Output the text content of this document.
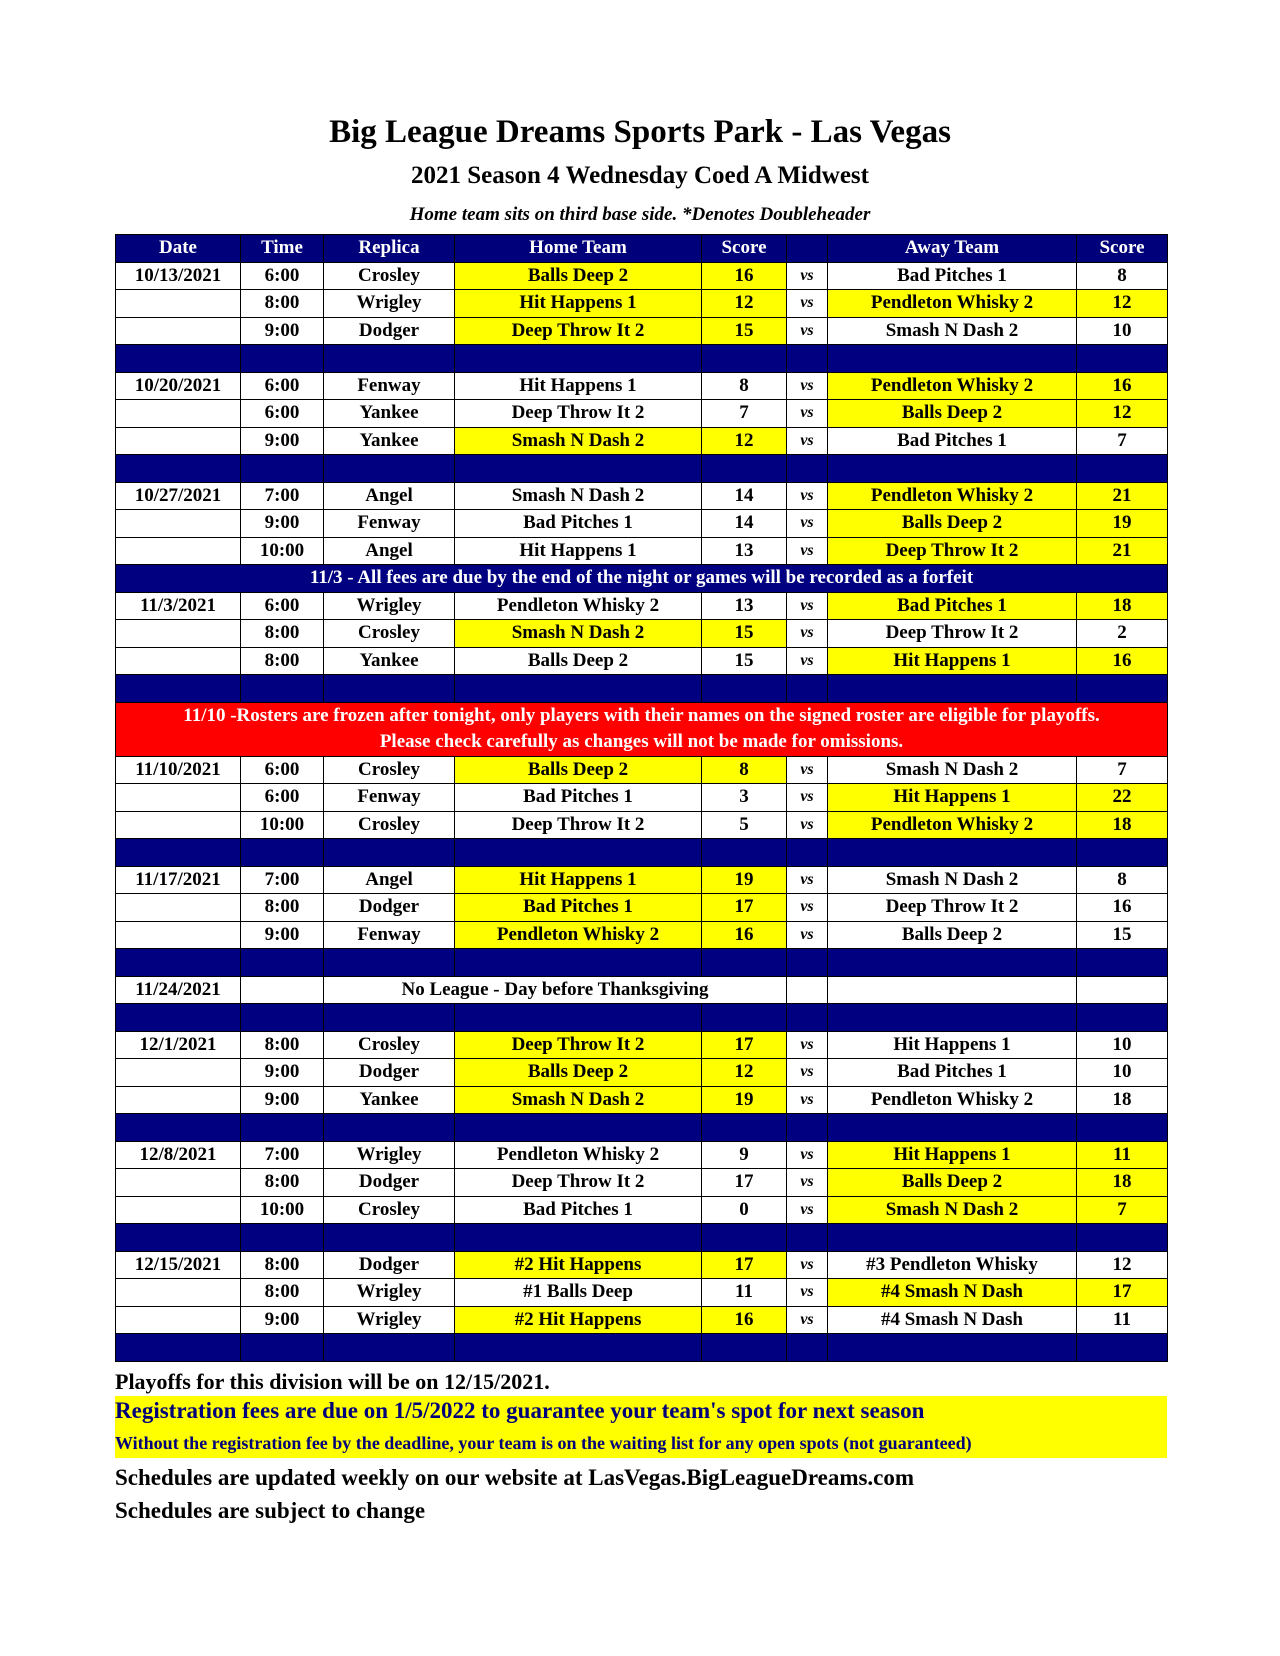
Big League Dreams Sports Park - Las Vegas
2021 Season 4 Wednesday Coed A Midwest
Home team sits on third base side. *Denotes Doubleheader
Date	Time	Replica	Home Team	Score		Away Team	Score
10/13/2021	6:00	Crosley	Balls Deep 2	16	vs	Bad Pitches 1	8
	8:00	Wrigley	Hit Happens 1	12	vs	Pendleton Whisky 2	12
	9:00	Dodger	Deep Throw It 2	15	vs	Smash N Dash 2	10

10/20/2021	6:00	Fenway	Hit Happens 1	8	vs	Pendleton Whisky 2	16
	6:00	Yankee	Deep Throw It 2	7	vs	Balls Deep 2	12
	9:00	Yankee	Smash N Dash 2	12	vs	Bad Pitches 1	7

10/27/2021	7:00	Angel	Smash N Dash 2	14	vs	Pendleton Whisky 2	21
	9:00	Fenway	Bad Pitches 1	14	vs	Balls Deep 2	19
	10:00	Angel	Hit Happens 1	13	vs	Deep Throw It 2	21
11/3 - All fees are due by the end of the night or games will be recorded as a forfeit							
11/3/2021	6:00	Wrigley	Pendleton Whisky 2	13	vs	Bad Pitches 1	18
	8:00	Crosley	Smash N Dash 2	15	vs	Deep Throw It 2	2
	8:00	Yankee	Balls Deep 2	15	vs	Hit Happens 1	16

11/10 -Rosters are frozen after tonight, only players with their names on the signed roster are eligible for playoffs.
Please check carefully as changes will not be made for omissions.							

11/10/2021	6:00	Crosley	Balls Deep 2	8	vs	Smash N Dash 2	7
	6:00	Fenway	Bad Pitches 1	3	vs	Hit Happens 1	22
	10:00	Crosley	Deep Throw It 2	5	vs	Pendleton Whisky 2	18

11/17/2021	7:00	Angel	Hit Happens 1	19	vs	Smash N Dash 2	8
	8:00	Dodger	Bad Pitches 1	17	vs	Deep Throw It 2	16
	9:00	Fenway	Pendleton Whisky 2	16	vs	Balls Deep 2	15

11/24/2021		No League - Day before Thanksgiving					

12/1/2021	8:00	Crosley	Deep Throw It 2	17	vs	Hit Happens 1	10
	9:00	Dodger	Balls Deep 2	12	vs	Bad Pitches 1	10
	9:00	Yankee	Smash N Dash 2	19	vs	Pendleton Whisky 2	18

12/8/2021	7:00	Wrigley	Pendleton Whisky 2	9	vs	Hit Happens 1	11
	8:00	Dodger	Deep Throw It 2	17	vs	Balls Deep 2	18
	10:00	Crosley	Bad Pitches 1	0	vs	Smash N Dash 2	7

12/15/2021	8:00	Dodger	#2 Hit Happens	17	vs	#3 Pendleton Whisky	12
	8:00	Wrigley	#1 Balls Deep	11	vs	#4 Smash N Dash	17
	9:00	Wrigley	#2 Hit Happens	16	vs	#4 Smash N Dash	11

Playoffs for this division will be on 12/15/2021.
Registration fees are due on 1/5/2022 to guarantee your team's spot for next season
Without the registration fee by the deadline, your team is on the waiting list for any open spots (not guaranteed)
Schedules are updated weekly on our website at LasVegas.BigLeagueDreams.com
Schedules are subject to change
